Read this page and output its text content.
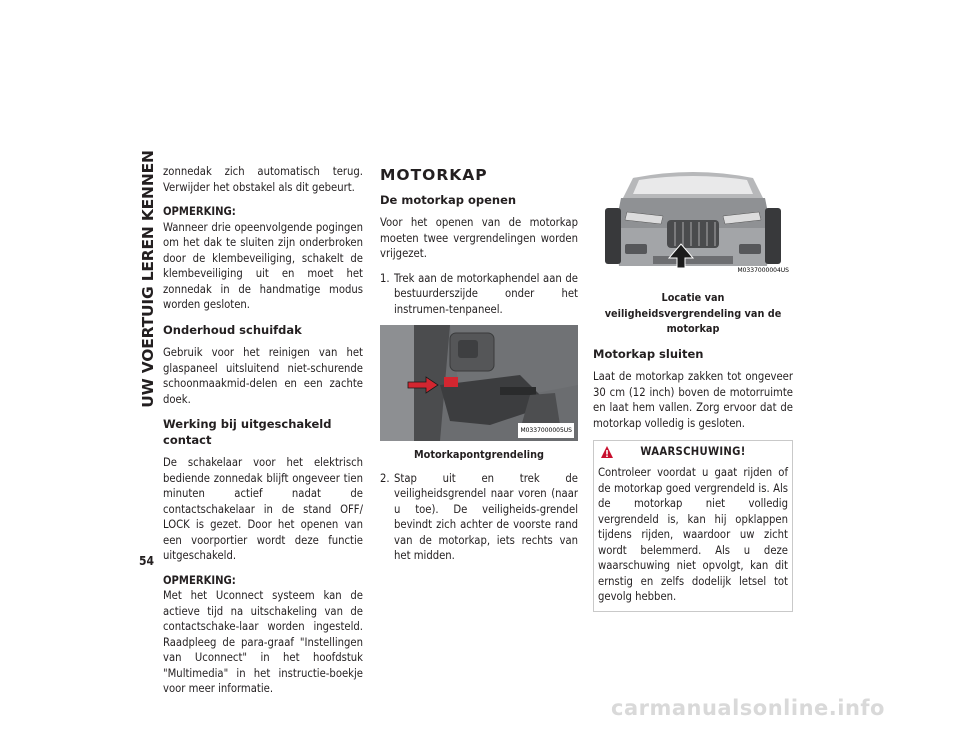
UW VOERTUIG LEREN KENNEN
54

zonnedak zich automatisch terug. Verwijder het obstakel als dit gebeurt.

OPMERKING:

Wanneer drie opeenvolgende pogingen om het dak te sluiten zijn onderbroken door de klembeveiliging, schakelt de klembeveiliging uit en moet het zonnedak in de handmatige modus worden gesloten.

Onderhoud schuifdak

Gebruik voor het reinigen van het glaspaneel uitsluitend niet-schurende schoonmaakmid-delen en een zachte doek.

Werking bij uitgeschakeld contact

De schakelaar voor het elektrisch bediende zonnedak blijft ongeveer tien minuten actief nadat de contactschakelaar in de stand OFF/ LOCK is gezet. Door het openen van een voorportier wordt deze functie uitgeschakeld.

OPMERKING:

Met het Uconnect systeem kan de actieve tijd na uitschakeling van de contactschake-laar worden ingesteld. Raadpleeg de para-graaf "Instellingen van Uconnect" in het hoofdstuk "Multimedia" in het instructie-boekje voor meer informatie.

MOTORKAP
De motorkap openen

Voor het openen van de motorkap moeten twee vergrendelingen worden vrijgezet.

1. Trek aan de motorkaphendel aan de bestuurderszijde onder het instrumen-tenpaneel.
M0337000005US
Motorkapontgrendeling
2. Stap uit en trek de veiligheidsgrendel naar voren (naar u toe). De veiligheids-grendel bevindt zich achter de voorste rand van de motorkap, iets rechts van het midden.
M0337000004US
Locatie van veiligheidsvergrendeling van de motorkap
Motorkap sluiten

Laat de motorkap zakken tot ongeveer 30 cm (12 inch) boven de motorruimte en laat hem vallen. Zorg ervoor dat de motorkap volledig is gesloten.

WAARSCHUWING!
Controleer voordat u gaat rijden of de motorkap goed vergrendeld is. Als de motorkap niet volledig vergrendeld is, kan hij opklappen tijdens rijden, waardoor uw zicht wordt belemmerd. Als u deze waarschuwing niet opvolgt, kan dit ernstig en zelfs dodelijk letsel tot gevolg hebben.
carmanualsonline.info
